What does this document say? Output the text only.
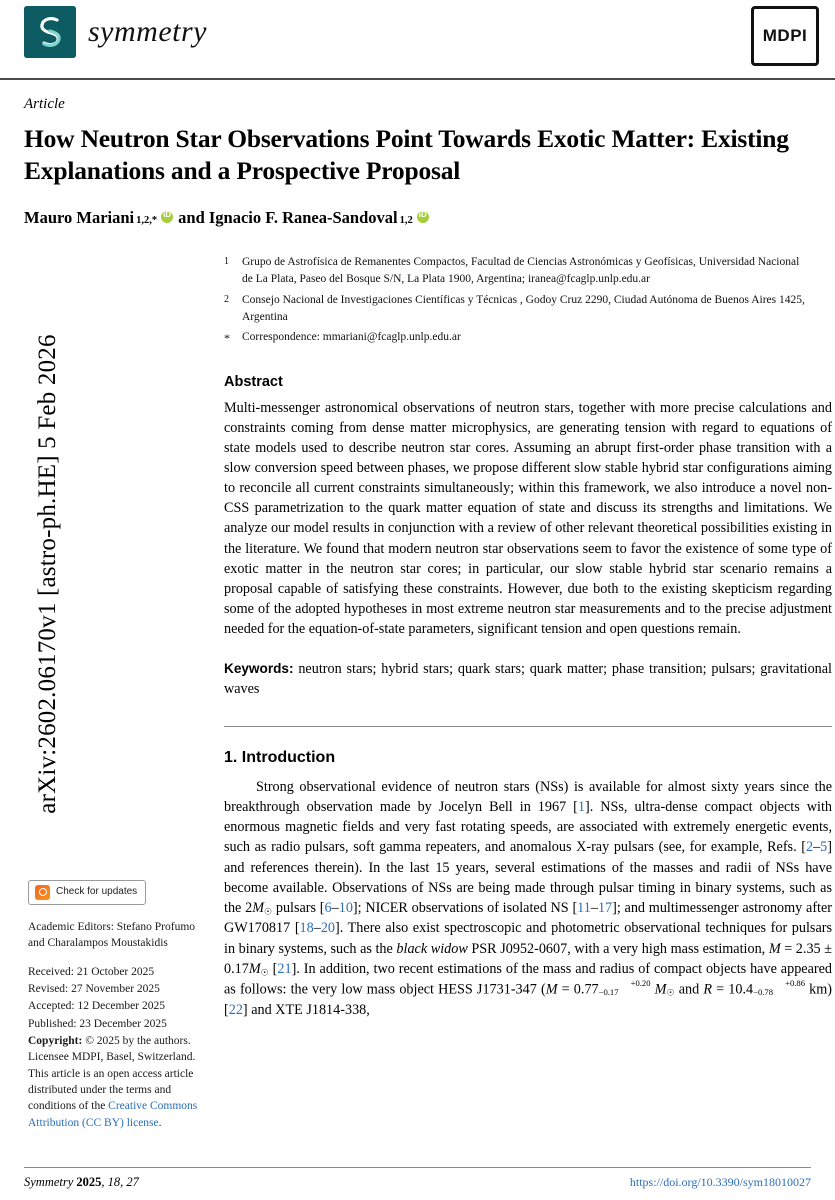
symmetry	MDPI
arXiv:2602.06170v1 [astro-ph.HE] 5 Feb 2026
Check for updates

Academic Editors: Stefano Profumo and Charalampos Moustakidis

Received: 21 October 2025
Revised: 27 November 2025
Accepted: 12 December 2025
Published: 23 December 2025

Copyright: © 2025 by the authors. Licensee MDPI, Basel, Switzerland. This article is an open access article distributed under the terms and conditions of the Creative Commons Attribution (CC BY) license.

Article
How Neutron Star Observations Point Towards Exotic Matter: Existing Explanations and a Prospective Proposal
Mauro Mariani 1,2,* iD and Ignacio F. Ranea-Sandoval 1,2
iD
1	Grupo de Astrofísica de Remanentes Compactos, Facultad de Ciencias Astronómicas y Geofísicas, Universidad Nacional de La Plata, Paseo del Bosque S/N, La Plata 1900, Argentina; iranea@fcaglp.unlp.edu.ar
2	Consejo Nacional de Investigaciones Científicas y Técnicas , Godoy Cruz 2290, Ciudad Autónoma de Buenos Aires 1425, Argentina
*	Correspondence: mmariani@fcaglp.unlp.edu.ar
Abstract

Multi-messenger astronomical observations of neutron stars, together with more precise calculations and constraints coming from dense matter microphysics, are generating tension with regard to equations of state models used to describe neutron star cores. Assuming an abrupt first-order phase transition with a slow conversion speed between phases, we propose different slow stable hybrid star configurations aiming to reconcile all current constraints simultaneously; within this framework, we also introduce a novel non-CSS parametrization to the quark matter equation of state and discuss its strengths and limitations. We analyze our model results in conjunction with a review of other relevant theoretical possibilities existing in the literature. We found that modern neutron star observations seem to favor the existence of some type of exotic matter in the neutron star cores; in particular, our slow stable hybrid star scenario remains a proposal capable of satisfying these constraints. However, due both to the existing skepticism regarding some of the adopted hypotheses in most extreme neutron star measurements and to the precise adjustment needed for the equation-of-state parameters, significant tension and open questions remain.

Keywords: neutron stars; hybrid stars; quark stars; quark matter; phase transition; pulsars; gravitational waves

1. Introduction

Strong observational evidence of neutron stars (NSs) is available for almost sixty years since the breakthrough observation made by Jocelyn Bell in 1967 [1]. NSs, ultra-dense compact objects with enormous magnetic fields and very fast rotating speeds, are associated with extremely energetic events, such as radio pulsars, soft gamma repeaters, and anomalous X-ray pulsars (see, for example, Refs. [2–5] and references therein). In the last 15 years, several estimations of the masses and radii of NSs have become available. Observations of NSs are being made through pulsar timing in binary systems, such as the $2M_☉$ pulsars [6–10]; NICER observations of isolated NS [11–17]; and multimessenger astronomy after GW170817 [18–20]. There also exist spectroscopic and photometric observational techniques for pulsars in binary systems, such as the black widow PSR J0952-0607, with a very high mass estimation, $M = 2.35 \pm 0.17M_☉$ [21]. In addition, two recent estimations of the mass and radius of compact objects have appeared as follows: the very low mass object HESS J1731-347 (M = 0.77	+0.20
−0.17	$M_☉$ and R = 10.4	+0.86
−0.78 km) [22] and XTE J1814-338,

Symmetry 2025, 18, 27	https://doi.org/10.3390/sym18010027
